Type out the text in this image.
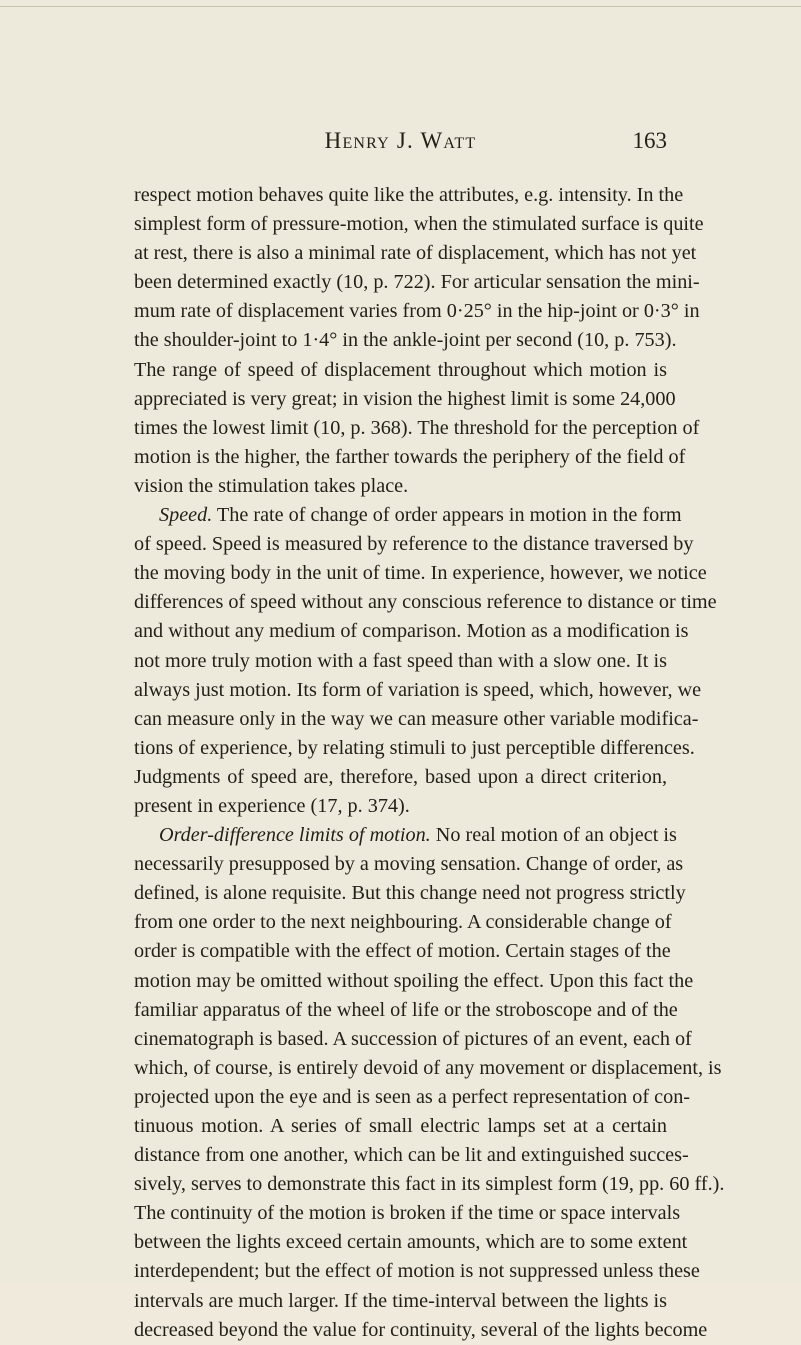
Henry J. Watt	163
respect motion behaves quite like the attributes, e.g. intensity. In the
simplest form of pressure-motion, when the stimulated surface is quite
at rest, there is also a minimal rate of displacement, which has not yet
been determined exactly (10, p. 722). For articular sensation the mini-
mum rate of displacement varies from 0·25° in the hip-joint or 0·3° in
the shoulder-joint to 1·4° in the ankle-joint per second (10, p. 753).
The range of speed of displacement throughout which motion is
appreciated is very great; in vision the highest limit is some 24,000
times the lowest limit (10, p. 368). The threshold for the perception of
motion is the higher, the farther towards the periphery of the field of
vision the stimulation takes place.
Speed. The rate of change of order appears in motion in the form
of speed. Speed is measured by reference to the distance traversed by
the moving body in the unit of time. In experience, however, we notice
differences of speed without any conscious reference to distance or time
and without any medium of comparison. Motion as a modification is
not more truly motion with a fast speed than with a slow one. It is
always just motion. Its form of variation is speed, which, however, we
can measure only in the way we can measure other variable modifica-
tions of experience, by relating stimuli to just perceptible differences.
Judgments of speed are, therefore, based upon a direct criterion,
present in experience (17, p. 374).
Order-difference limits of motion. No real motion of an object is
necessarily presupposed by a moving sensation. Change of order, as
defined, is alone requisite. But this change need not progress strictly
from one order to the next neighbouring. A considerable change of
order is compatible with the effect of motion. Certain stages of the
motion may be omitted without spoiling the effect. Upon this fact the
familiar apparatus of the wheel of life or the stroboscope and of the
cinematograph is based. A succession of pictures of an event, each of
which, of course, is entirely devoid of any movement or displacement, is
projected upon the eye and is seen as a perfect representation of con-
tinuous motion. A series of small electric lamps set at a certain
distance from one another, which can be lit and extinguished succes-
sively, serves to demonstrate this fact in its simplest form (19, pp. 60 ff.).
The continuity of the motion is broken if the time or space intervals
between the lights exceed certain amounts, which are to some extent
interdependent; but the effect of motion is not suppressed unless these
intervals are much larger. If the time-interval between the lights is
decreased beyond the value for continuity, several of the lights become
